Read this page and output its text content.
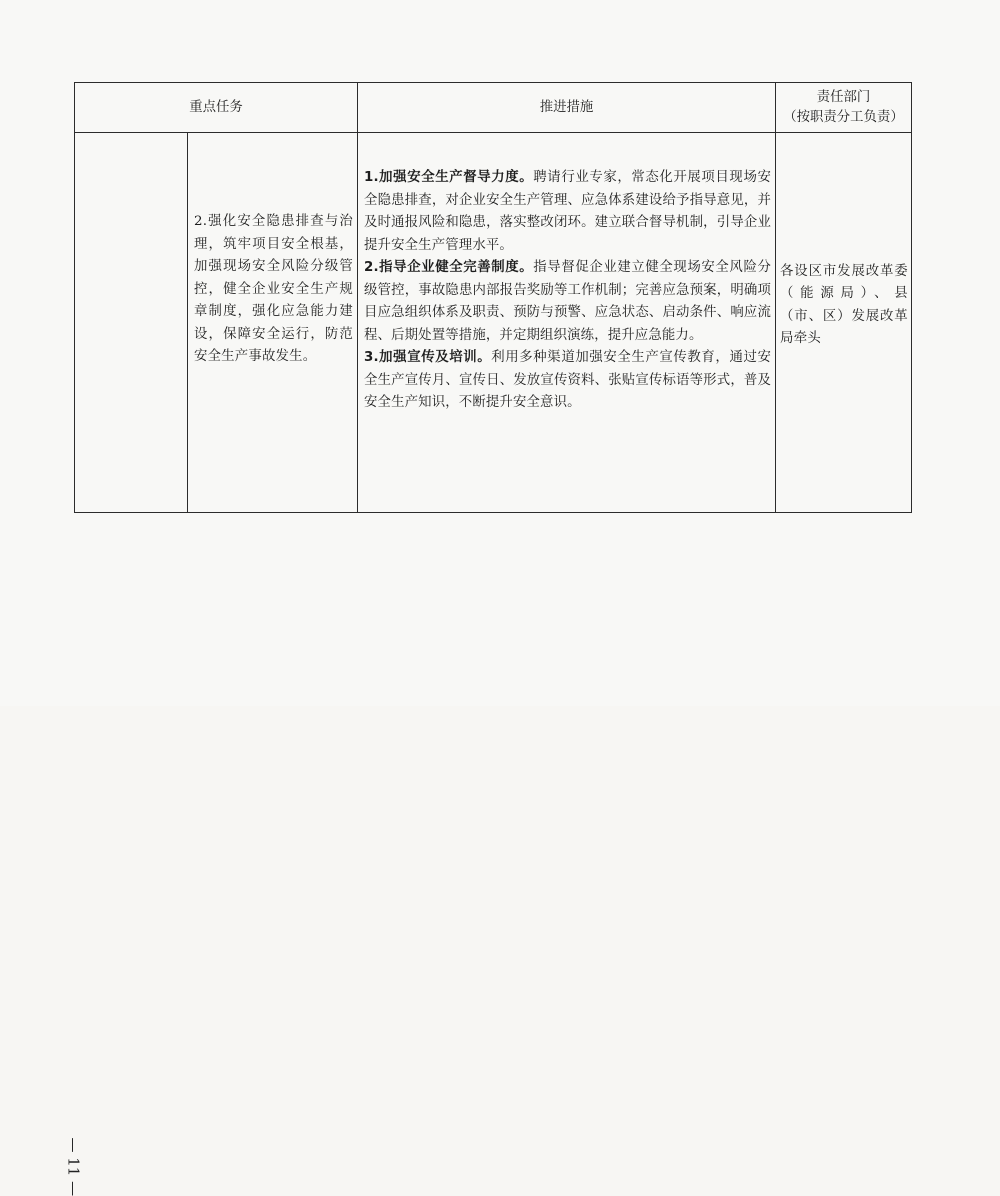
重点任务		推进措施	责任部门
（按职责分工负责）

	2.强化安全隐患排查与治理，筑牢项目安全根基，加强现场安全风险分级管控，健全企业安全生产规章制度，强化应急能力建设，保障安全运行，防范安全生产事故发生。	1.加强安全生产督导力度。聘请行业专家，常态化开展项目现场安全隐患排查，对企业安全生产管理、应急体系建设给予指导意见，并及时通报风险和隐患，落实整改闭环。建立联合督导机制，引导企业提升安全生产管理水平。
2.指导企业健全完善制度。指导督促企业建立健全现场安全风险分级管控，事故隐患内部报告奖励等工作机制；完善应急预案，明确项目应急组织体系及职责、预防与预警、应急状态、启动条件、响应流程、后期处置等措施，并定期组织演练，提升应急能力。
3.加强宣传及培训。利用多种渠道加强安全生产宣传教育，通过安全生产宣传月、宣传日、发放宣传资料、张贴宣传标语等形式，普及安全生产知识，不断提升安全意识。	各设区市发展改革委（能源局）、县（市、区）发展改革局牵头
— 11 —
